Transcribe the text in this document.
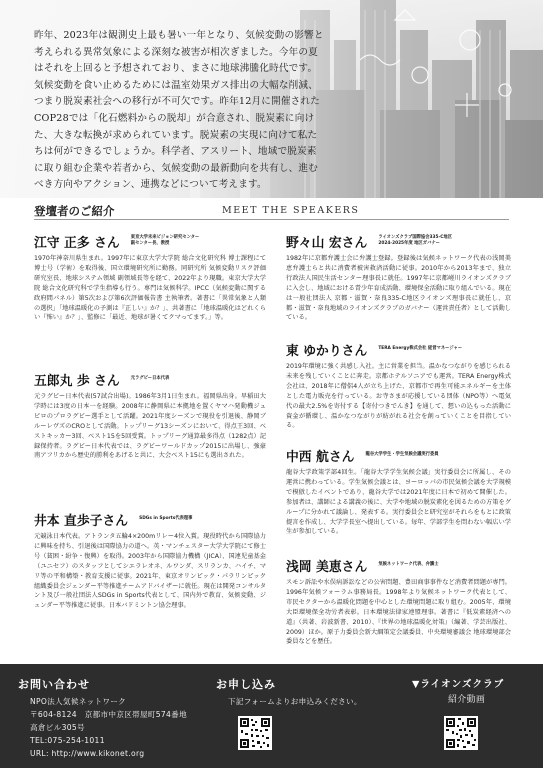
昨年、2023年は観測史上最も暑い一年となり、気候変動の影響と

考えられる異常気象による深刻な被害が相次ぎました。今年の夏

はそれを上回ると予想されており、まさに地球沸騰化時代です。

気候変動を食い止めるためには温室効果ガス排出の大幅な削減、

つまり脱炭素社会への移行が不可欠です。昨年12月に開催された

COP28では「化石燃料からの脱却」が合意され、脱炭素に向け

た、大きな転換が求められています。脱炭素の実現に向けて私た

ちは何ができるでしょうか。科学者、アスリート、地域で脱炭素

に取り組む企業や若者から、気候変動の最新動向を共有し、進む

べき方向やアクション、連携などについて考えます。

登壇者のご紹介	MEET THE SPEAKERS
江守 正多 さん	東京大学未来ビジョン研究センター
副センター長、教授

1970年神奈川県生まれ。1997年に東京大学大学院 総合文化研究科 博士課程にて博士号（学術）を取得後、国立環境研究所に勤務。同研究所 気候変動リスク評価研究室長、地球システム領域 副領域長等を経て、2022年より現職。東京大学大学院 総合文化研究科で学生指導も行う。専門は気候科学。IPCC（気候変動に関する政府間パネル）第5次および第6次評価報告書 主執筆者。著書に「異常気象と人類の選択」「地球温暖化の予測は『正しい』か？」、共著書に「地球温暖化はどれくらい『怖い』か？」、監修に「最近、地球が暑くてクマってます。」等。

五郎丸 歩 さん	元ラグビー日本代表

元ラグビー日本代表(57試合出場)。1986年3月1日生まれ。福岡県出身。早稲田大学時には3度の日本一を経験。2008年に静岡県に本拠地を置くヤマハ発動機ジュビロのプロラグビー選手として活躍。2021年度シーズンで現役を引退後、静岡ブルーレヴズのCROとして活動。トップリーグ13シーズンにおいて、得点王3回、ベストキッカー3回、ベスト15を5回受賞。トップリーグ通算最多得点（1282点）記録保持者。ラグビー日本代表では、ラグビーワールドカップ2015に出場し、強豪南アフリカから歴史的勝利をあげると共に、大会ベスト15にも選出された。

井本 直歩子さん	SDGs in Sports代表理事

元競泳日本代表。アトランタ五輪4×200mリレー4位入賞。現役時代から国際協力に興味を持ち、引退後は国際協力の道へ。英・マンチェスター大学大学院にて修士号（貧困・紛争・復興）を取得。2003年から国際協力機構（JICA）、国連児童基金（ユニセフ）のスタッフとしてシエラレオネ、ルワンダ、スリランカ、ハイチ、マリ等の平和構築・教育支援に従事。2021年、東京オリンピック・パラリンピック組織委員会ジェンダー平等推進チームアドバイザーに就任。現在は開発コンサルタント及び一般社団法人SDGs in Sports代表として、国内外で教育、気候変動、ジェンダー平等推進に従事。日本バドミントン協会理事。

野々山 宏さん	ライオンズクラブ国際協会335-C地区
2024-2025年度 地区ガバナー

1982年に京都弁護士会に弁護士登録。登録後は気候ネットワーク代表の浅岡美恵弁護士らと共に消費者被害救済活動に従事。2010年から2013年まで、独立行政法人国民生活センター理事長に就任。1997年に京都嵯川ライオンズクラブに入会し、地域における青少年育成活動、環境保全活動に取り組んでいる。現在は一般社団法人 京都・滋賀・奈良335-C地区ライオンズ理事長に就任し、京都・滋賀・奈良地域のライオンズクラブのガバナー（運営責任者）として活動している。

東 ゆかりさん	TERA Energy株式会社 経営マネージャー

2019年環境に強く共感し入社。主に営業を担当。温かなつながりを感じられる未来を残していくことに奔走。京都ホテルソニアでも運営。TERA Energy株式会社は、2018年に僧侶4人が立ち上げた、京都市で再生可能エネルギーを主体とした電力販売を行っている。お寺さまが応援している団体（NPO等）へ電気代の最大2.5%を寄付する【寄付つきでんき】を通して、想いの込もった活動に資金が循環し、温かなつながりが紡がれる社会を創っていくことを目指している。

中西 航さん	龍谷大学学生・学生気候会議実行委員

龍谷大学政策学部4回生。「龍谷大学学生気候会議」実行委員会に所属し、その運営に携わっている。学生気候会議とは、ヨーロッパの市民気候会議を大学規模で模倣したイベントであり、龍谷大学では2021年度に日本で初めて開催した。参加者は、講師による講義の後に、大学や地域の脱炭素化を図るための方策をグループに分かれて議論し、発表する。実行委員会と研究室がそれらをもとに政策提言を作成し、大学学長室へ提出している。毎年、学部学生を問わない幅広い学生が参加している。

浅岡 美恵さん	気候ネットワーク代表、弁護士

スモン訴訟や水俣病訴訟などの公害問題、豊田商事事件など消費者問題が専門。1996年気候フォーラム事務局長。1998年より気候ネットワーク代表として、市民セクターから温暖化問題を中心とした環境問題に取り組む。2005年、環境大臣環境保全功労者表彰。日本環境法律家連盟理事。著書に『低炭素経済への道』（共著、岩波新書、2010）、『世界の地球温暖化対策』（編著、学芸出版社、2009）ほか。原子力委員会新大綱策定会議委員、中央環境審議会 地球環境部会委員などを歴任。

お問い合わせ
NPO法人気候ネットワーク
〒604-8124　京都市中京区帯屋町574番地
高倉ビル305号
TEL:075-254-1011
URL: http://www.kikonet.org
お申し込み
下記フォームよりお申込みください。
▼ライオンズクラブ
紹介動画
